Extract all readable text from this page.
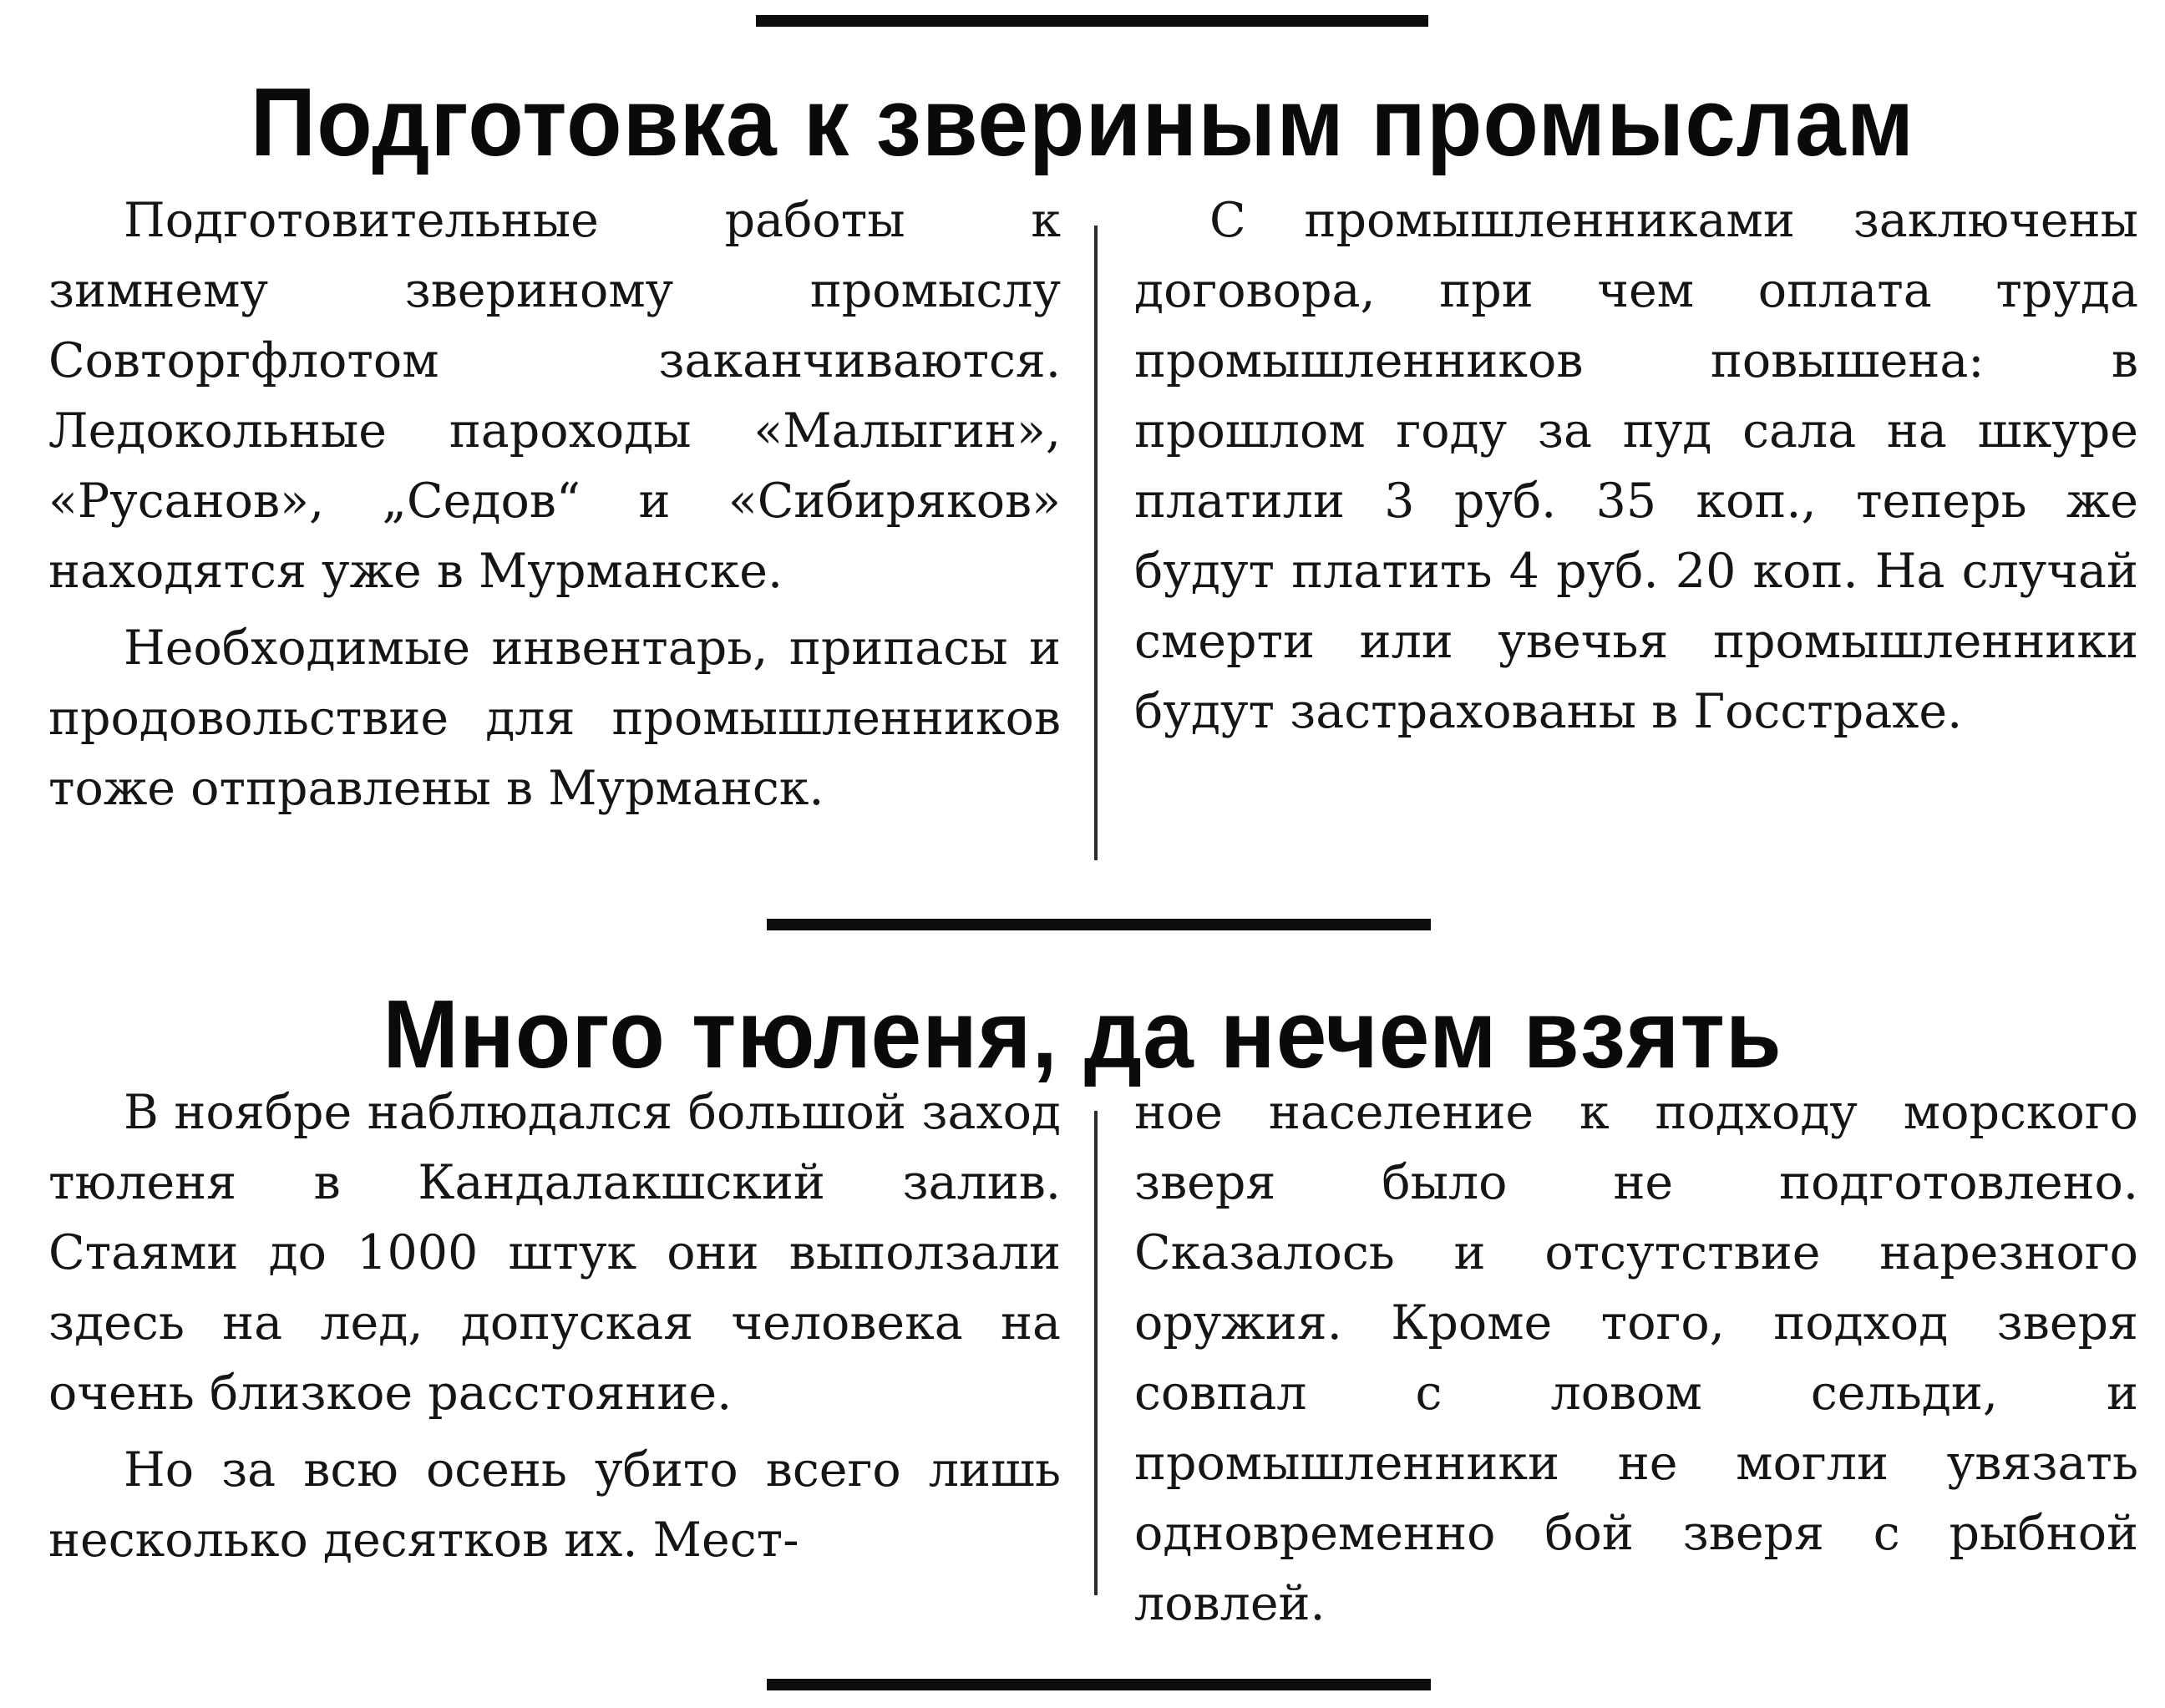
Подготовка к звериным промыслам

Подготовительные работы к зимнему звериному промыслу Совторгфлотом заканчиваются. Ледокольные пароходы «Малыгин», «Русанов», „Седов“ и «Сибиряков» находятся уже в Мурманске.

Необходимые инвентарь, припасы и продовольствие для промышленников тоже отправлены в Мурманск.

С промышленниками заключены договора, при чем оплата труда промышленников повышена: в прошлом году за пуд сала на шкуре платили 3 руб. 35 коп., теперь же будут платить 4 руб. 20 коп. На случай смерти или увечья промышленники будут застрахованы в Госстрахе.

Много тюленя, да нечем взять

В ноябре наблюдался большой заход тюленя в Кандалакшский залив. Стаями до 1000 штук они выползали здесь на лед, допуская человека на очень близкое расстояние.

Но за всю осень убито всего лишь несколько десятков их. Мест-

ное население к подходу морского зверя было не подготовлено. Сказалось и отсутствие нарезного оружия. Кроме того, подход зверя совпал с ловом сельди, и промышленники не могли увязать одновременно бой зверя с рыбной ловлей.
